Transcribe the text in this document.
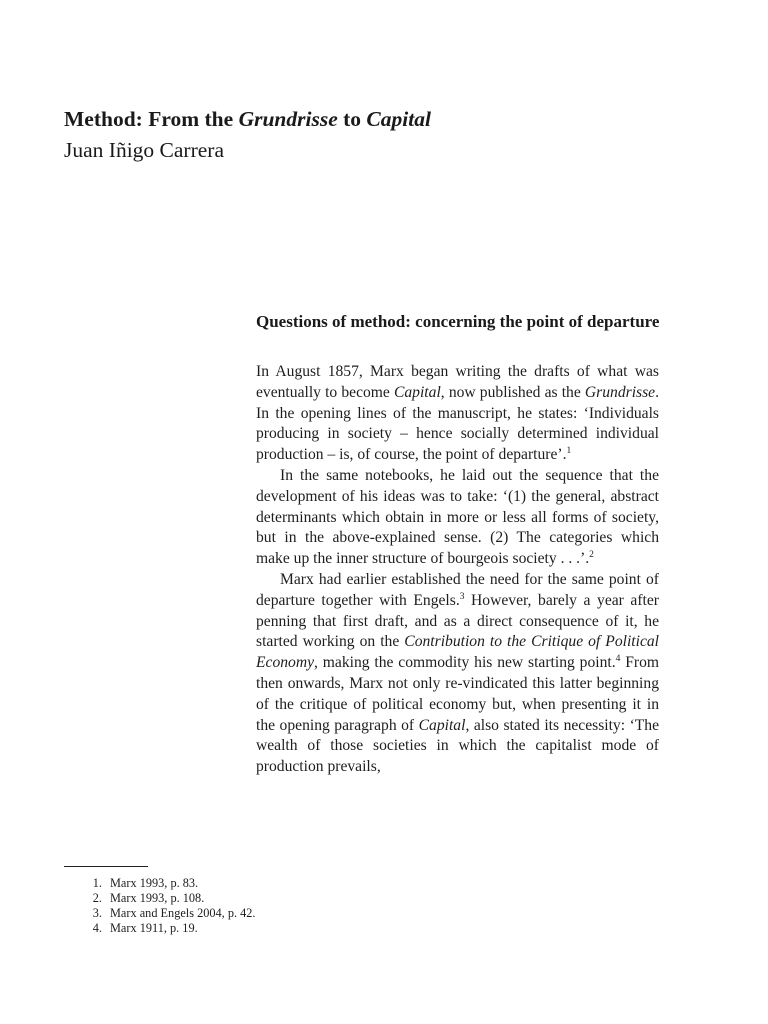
Method: From the Grundrisse to Capital
Juan Iñigo Carrera
Questions of method: concerning the point of departure

In August 1857, Marx began writing the drafts of what was eventually to become Capital, now published as the Grundrisse. In the opening lines of the manuscript, he states: ‘Individuals producing in society – hence socially determined individual production – is, of course, the point of departure’.$^1$

In the same notebooks, he laid out the sequence that the development of his ideas was to take: ‘(1) the general, abstract determinants which obtain in more or less all forms of society, but in the above-explained sense. (2) The categories which make up the inner structure of bourgeois society . . .’.$^2$

Marx had earlier established the need for the same point of departure together with Engels.$^3$ However, barely a year after penning that first draft, and as a direct consequence of it, he started working on the Contribution to the Critique of Political Economy, making the commodity his new starting point.$^4$ From then onwards, Marx not only re-vindicated this latter beginning of the critique of political economy but, when presenting it in the opening paragraph of Capital, also stated its necessity: ‘The wealth of those societies in which the capitalist mode of production prevails,

1. Marx 1993, p. 83.
2. Marx 1993, p. 108.
3. Marx and Engels 2004, p. 42.
4. Marx 1911, p. 19.
